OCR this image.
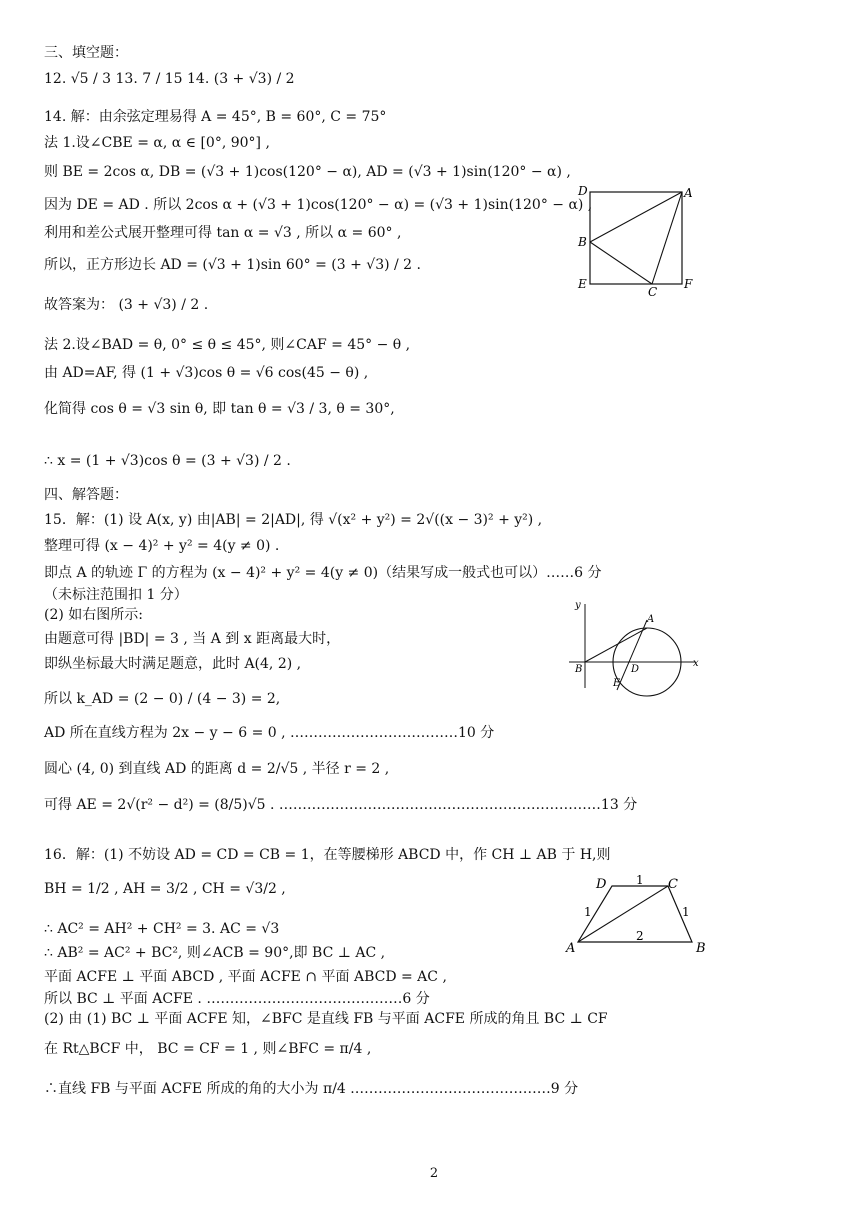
三、填空题：
12. √5 / 3 13. 7 / 15 14. (3 + √3) / 2
14. 解：由余弦定理易得 A = 45°, B = 60°, C = 75°
法 1.设∠CBE = α, α ∈ [0°, 90°] ,
则 BE = 2cos α, DB = (√3 + 1)cos(120° − α), AD = (√3 + 1)sin(120° − α) ,
因为 DE = AD . 所以 2cos α + (√3 + 1)cos(120° − α) = (√3 + 1)sin(120° − α) ,
利用和差公式展开整理可得 tan α = √3 , 所以 α = 60° ,
所以，正方形边长 AD = (√3 + 1)sin 60° = (3 + √3) / 2 .
故答案为： (3 + √3) / 2 .
法 2.设∠BAD = θ, 0° ≤ θ ≤ 45°, 则∠CAF = 45° − θ ,
由 AD=AF, 得 (1 + √3)cos θ = √6 cos(45 − θ) ,
化简得 cos θ = √3 sin θ, 即 tan θ = √3 / 3, θ = 30°,
∴ x = (1 + √3)cos θ = (3 + √3) / 2 .
四、解答题：
15．解：(1) 设 A(x, y) 由|AB| = 2|AD|, 得 √(x² + y²) = 2√((x − 3)² + y²) ,
整理可得 (x − 4)² + y² = 4(y ≠ 0) .
即点 A 的轨迹 Γ 的方程为 (x − 4)² + y² = 4(y ≠ 0)（结果写成一般式也可以）……6 分
（未标注范围扣 1 分）
(2) 如右图所示:
由题意可得 |BD| = 3 , 当 A 到 x 距离最大时，
即纵坐标最大时满足题意，此时 A(4, 2) ,
所以 k_AD = (2 − 0) / (4 − 3) = 2,
AD 所在直线方程为 2x − y − 6 = 0 , ………………………………10 分
圆心 (4, 0) 到直线 AD 的距离 d = 2/√5 , 半径 r = 2 ,
可得 AE = 2√(r² − d²) = (8/5)√5 . ……………………………………………………………13 分
16．解：(1) 不妨设 AD = CD = CB = 1，在等腰梯形 ABCD 中，作 CH ⊥ AB 于 H,则
BH = 1/2 , AH = 3/2 , CH = √3/2 ,
∴ AC² = AH² + CH² = 3. AC = √3
∴ AB² = AC² + BC², 则∠ACB = 90°,即 BC ⊥ AC ,
平面 ACFE ⊥ 平面 ABCD , 平面 ACFE ∩ 平面 ABCD = AC ,
所以 BC ⊥ 平面 ACFE . ……………………………………6 分
(2) 由 (1) BC ⊥ 平面 ACFE 知，∠BFC 是直线 FB 与平面 ACFE 所成的角且 BC ⊥ CF
在 Rt△BCF 中， BC = CF = 1 , 则∠BFC = π/4 ,
∴直线 FB 与平面 ACFE 所成的角的大小为 π/4 .……………………………………9 分
D	A
B
E
C
F
y
A
B	D
E
x
D	C
A	B
1
1	1
2
2
